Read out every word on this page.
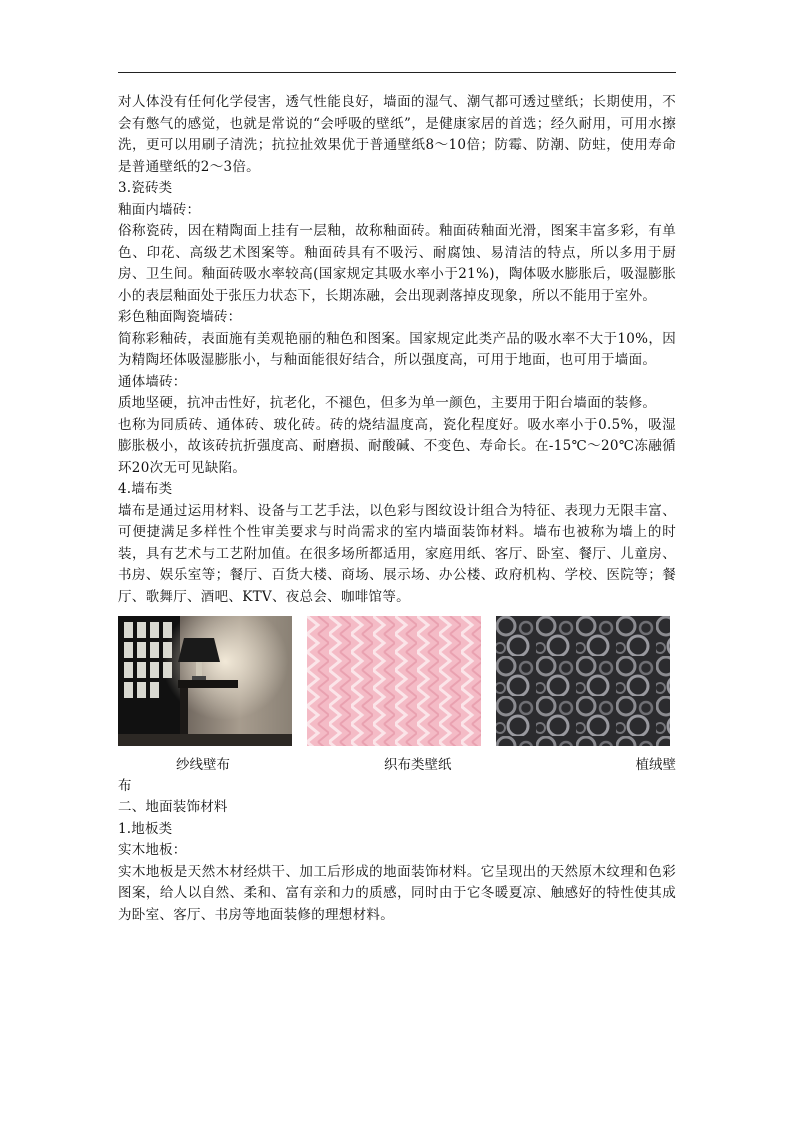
对人体没有任何化学侵害，透气性能良好，墙面的湿气、潮气都可透过壁纸；长期使用，不会有憋气的感觉，也就是常说的“会呼吸的壁纸”，是健康家居的首选；经久耐用，可用水擦洗，更可以用刷子清洗；抗拉扯效果优于普通壁纸8～10倍；防霉、防潮、防蛀，使用寿命是普通壁纸的2～3倍。

3.瓷砖类

釉面内墙砖：

俗称瓷砖，因在精陶面上挂有一层釉，故称釉面砖。釉面砖釉面光滑，图案丰富多彩，有单色、印花、高级艺术图案等。釉面砖具有不吸污、耐腐蚀、易清洁的特点，所以多用于厨房、卫生间。釉面砖吸水率较高(国家规定其吸水率小于21%)，陶体吸水膨胀后，吸湿膨胀小的表层釉面处于张压力状态下，长期冻融，会出现剥落掉皮现象，所以不能用于室外。

彩色釉面陶瓷墙砖：

简称彩釉砖，表面施有美观艳丽的釉色和图案。国家规定此类产品的吸水率不大于10%，因为精陶坯体吸湿膨胀小，与釉面能很好结合，所以强度高，可用于地面，也可用于墙面。

通体墙砖：

质地坚硬，抗冲击性好，抗老化，不褪色，但多为单一颜色，主要用于阳台墙面的装修。

也称为同质砖、通体砖、玻化砖。砖的烧结温度高，瓷化程度好。吸水率小于0.5%，吸湿膨胀极小，故该砖抗折强度高、耐磨损、耐酸碱、不变色、寿命长。在-15℃～20℃冻融循环20次无可见缺陷。

4.墙布类

墙布是通过运用材料、设备与工艺手法，以色彩与图纹设计组合为特征、表现力无限丰富、可便捷满足多样性个性审美要求与时尚需求的室内墙面装饰材料。墙布也被称为墙上的时装，具有艺术与工艺附加值。在很多场所都适用，家庭用纸、客厅、卧室、餐厅、儿童房、书房、娱乐室等；餐厅、百货大楼、商场、展示场、办公楼、政府机构、学校、医院等；餐厅、歌舞厅、酒吧、KTV、夜总会、咖啡馆等。

纱线壁布	织布类壁纸	植绒壁

布

二、地面装饰材料

1.地板类

实木地板：

实木地板是天然木材经烘干、加工后形成的地面装饰材料。它呈现出的天然原木纹理和色彩图案，给人以自然、柔和、富有亲和力的质感，同时由于它冬暖夏凉、触感好的特性使其成为卧室、客厅、书房等地面装修的理想材料。
